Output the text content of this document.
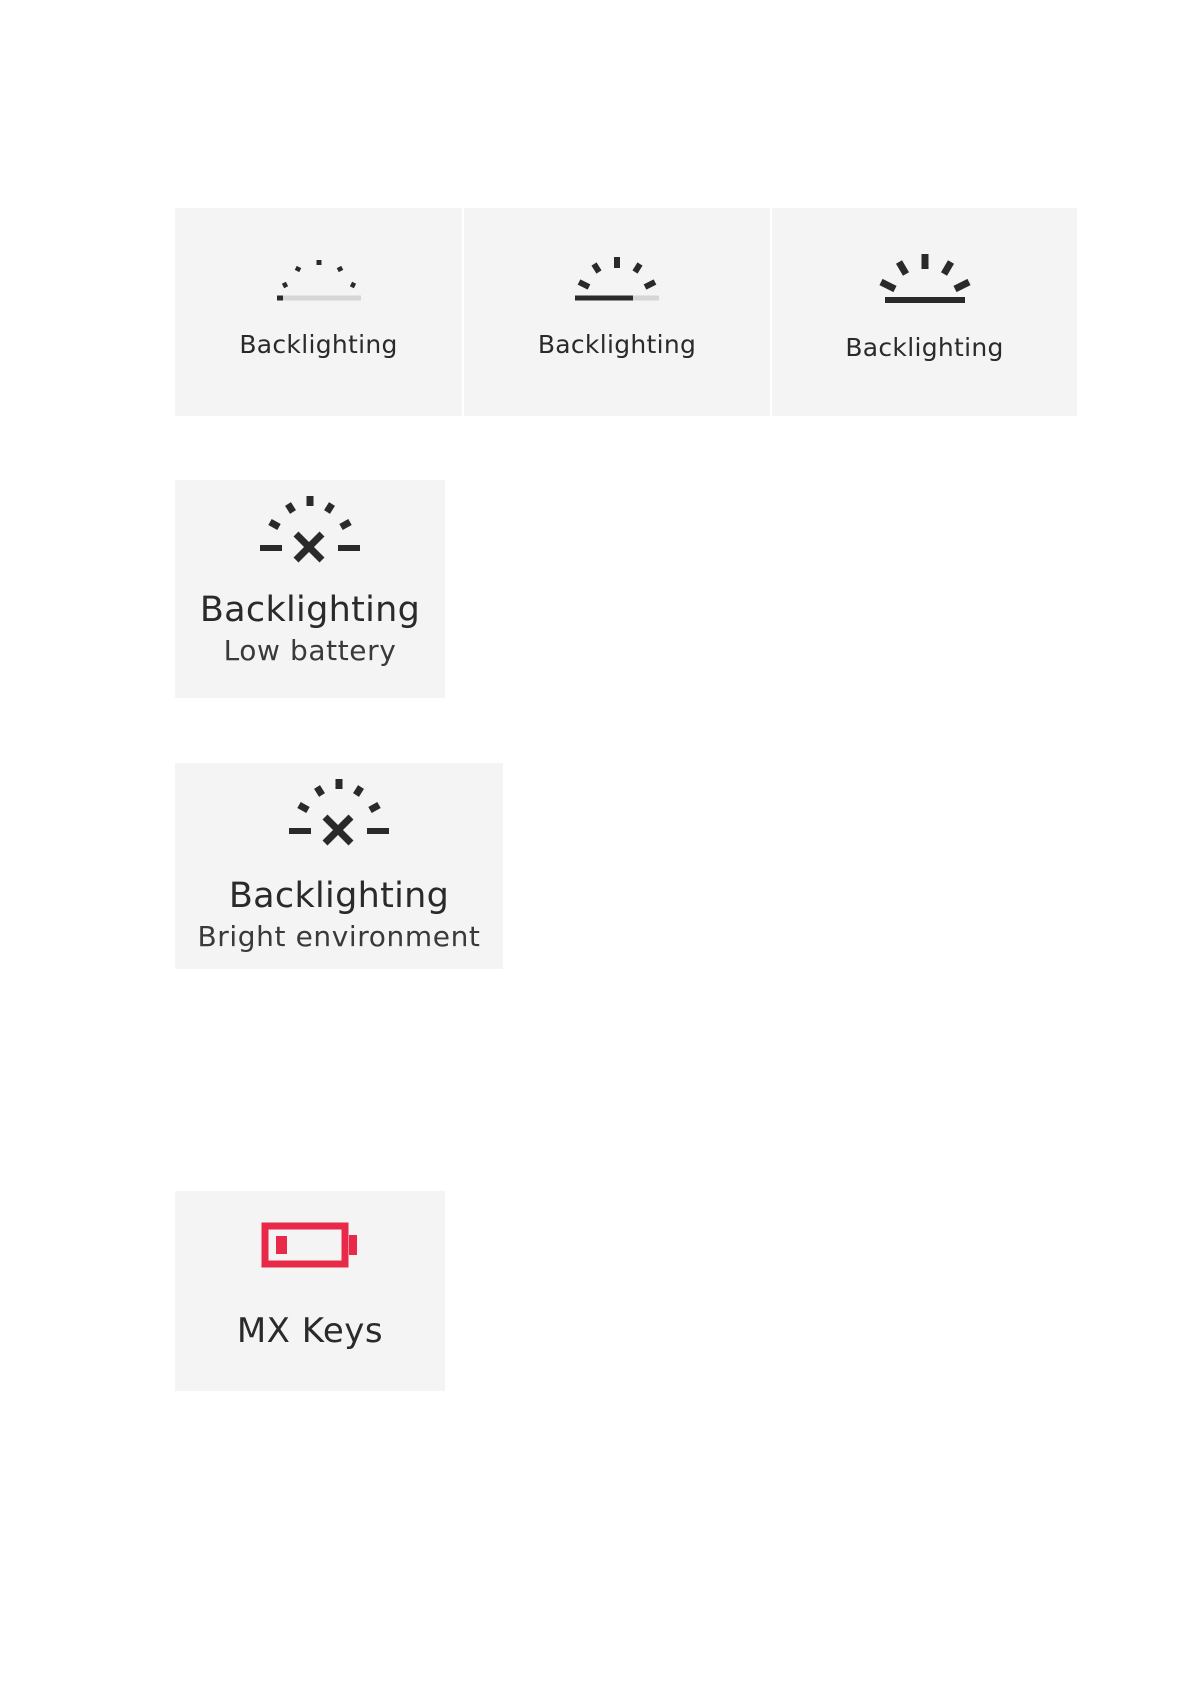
Backlighting	Backlighting	Backlighting

Backlighting

Low battery

Backlighting

Bright environment

MX Keys
